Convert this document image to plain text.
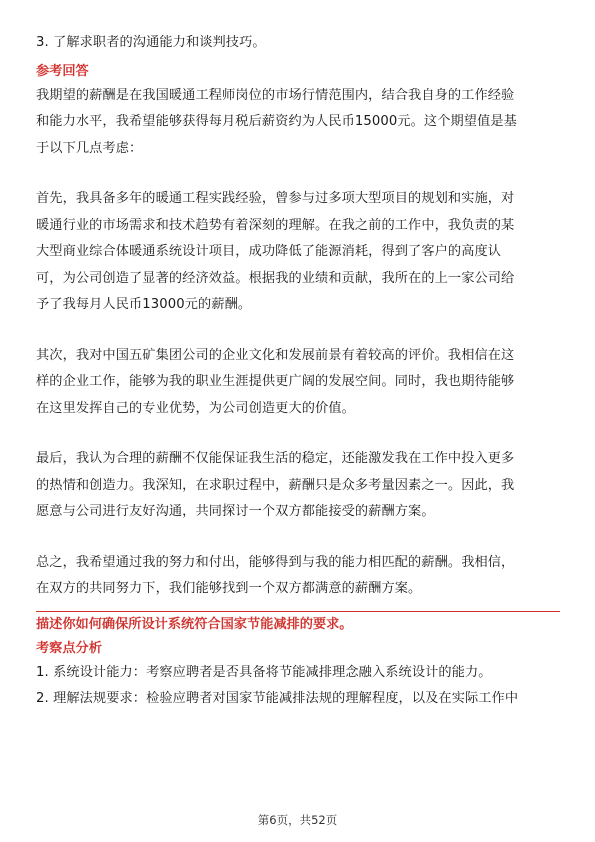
3. 了解求职者的沟通能力和谈判技巧。
参考回答
我期望的薪酬是在我国暖通工程师岗位的市场行情范围内，结合我自身的工作经验
和能力水平，我希望能够获得每月税后薪资约为人民币15000元。这个期望值是基
于以下几点考虑：
首先，我具备多年的暖通工程实践经验，曾参与过多项大型项目的规划和实施，对
暖通行业的市场需求和技术趋势有着深刻的理解。在我之前的工作中，我负责的某
大型商业综合体暖通系统设计项目，成功降低了能源消耗，得到了客户的高度认
可，为公司创造了显著的经济效益。根据我的业绩和贡献，我所在的上一家公司给
予了我每月人民币13000元的薪酬。
其次，我对中国五矿集团公司的企业文化和发展前景有着较高的评价。我相信在这
样的企业工作，能够为我的职业生涯提供更广阔的发展空间。同时，我也期待能够
在这里发挥自己的专业优势，为公司创造更大的价值。
最后，我认为合理的薪酬不仅能保证我生活的稳定，还能激发我在工作中投入更多
的热情和创造力。我深知，在求职过程中，薪酬只是众多考量因素之一。因此，我
愿意与公司进行友好沟通，共同探讨一个双方都能接受的薪酬方案。
总之，我希望通过我的努力和付出，能够得到与我的能力相匹配的薪酬。我相信，
在双方的共同努力下，我们能够找到一个双方都满意的薪酬方案。
描述你如何确保所设计系统符合国家节能减排的要求。
考察点分析
1. 系统设计能力：考察应聘者是否具备将节能减排理念融入系统设计的能力。
2. 理解法规要求：检验应聘者对国家节能减排法规的理解程度，以及在实际工作中
第6页，共52页
